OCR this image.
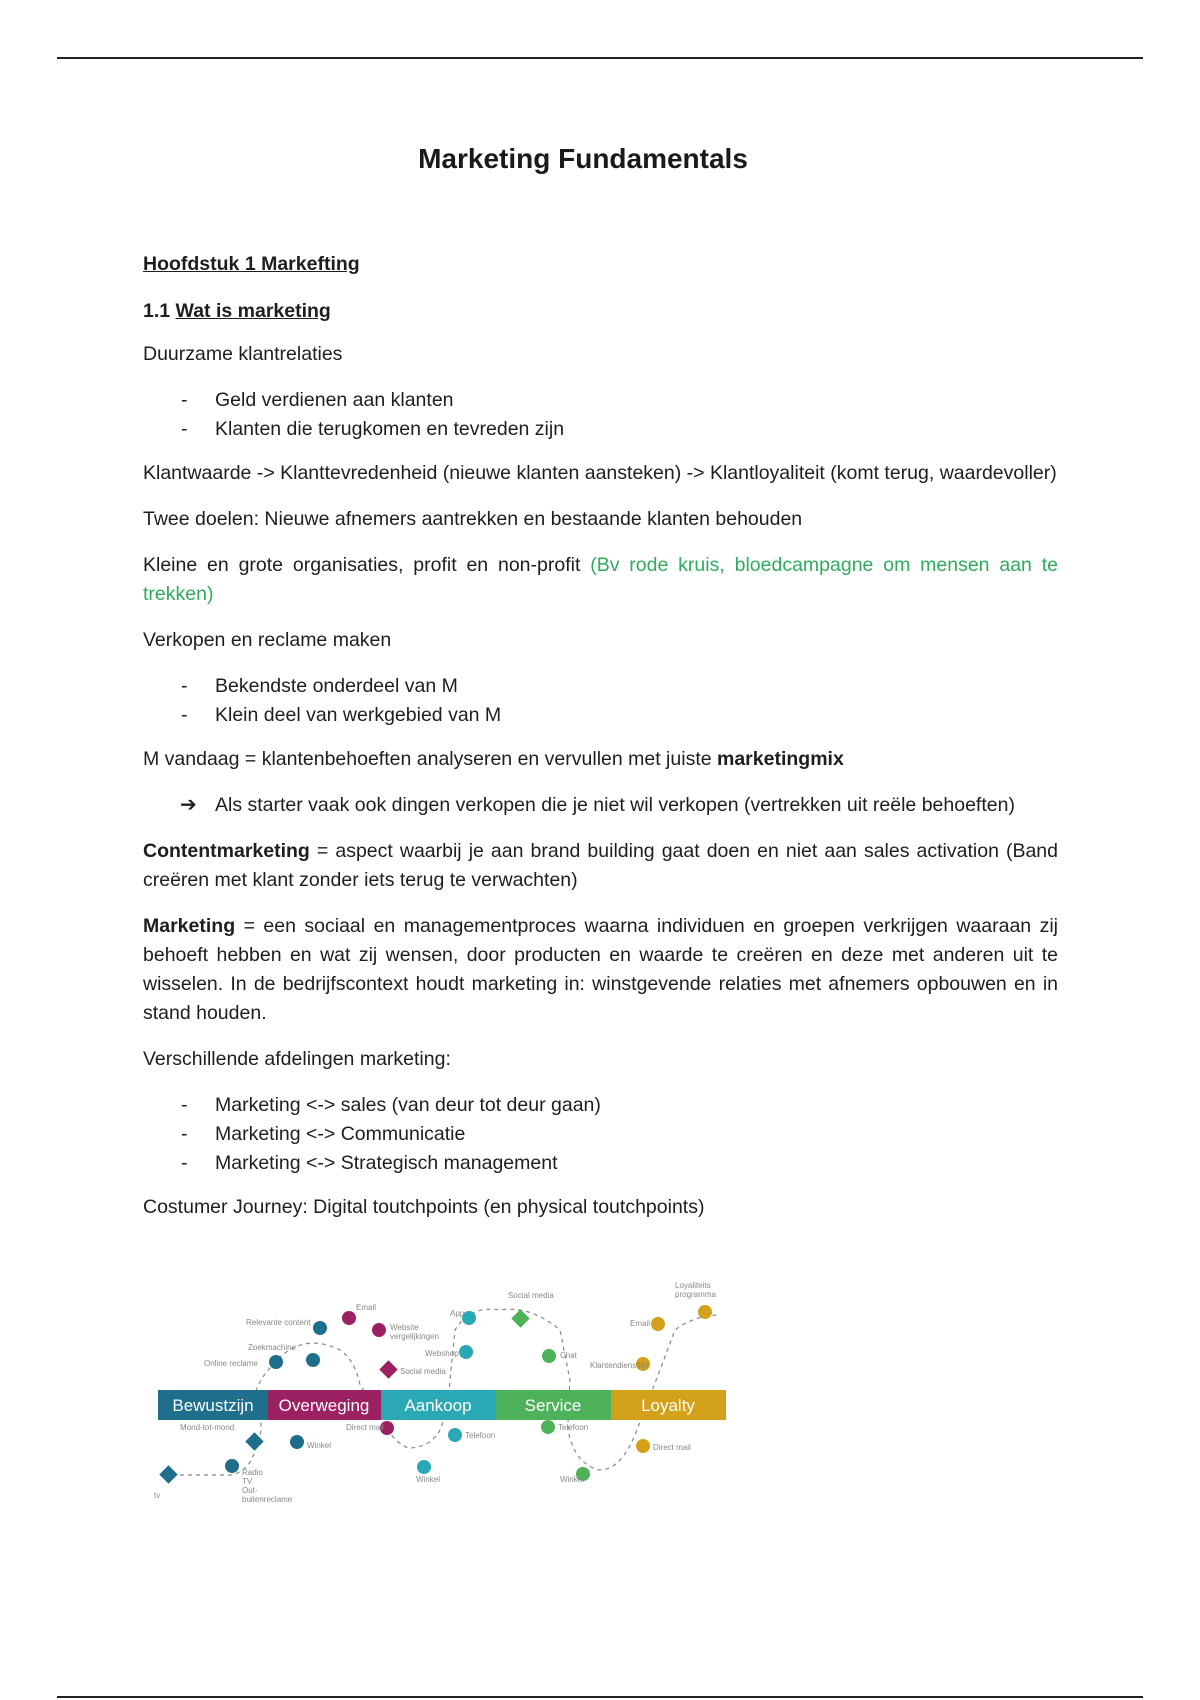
Marketing Fundamentals

Hoofdstuk 1 Markefting

1.1 Wat is marketing

Duurzame klantrelaties

- Geld verdienen aan klanten
- Klanten die terugkomen en tevreden zijn

Klantwaarde -> Klanttevredenheid (nieuwe klanten aansteken) -> Klantloyaliteit (komt terug, waardevoller)

Twee doelen: Nieuwe afnemers aantrekken en bestaande klanten behouden

Kleine en grote organisaties, profit en non-profit (Bv rode kruis, bloedcampagne om mensen aan te trekken)

Verkopen en reclame maken

- Bekendste onderdeel van M
- Klein deel van werkgebied van M

M vandaag = klantenbehoeften analyseren en vervullen met juiste marketingmix

➔ Als starter vaak ook dingen verkopen die je niet wil verkopen (vertrekken uit reële behoeften)

Contentmarketing = aspect waarbij je aan brand building gaat doen en niet aan sales activation (Band creëren met klant zonder iets terug te verwachten)

Marketing = een sociaal en managementproces waarna individuen en groepen verkrijgen waaraan zij behoeft hebben en wat zij wensen, door producten en waarde te creëren en deze met anderen uit te wisselen. In de bedrijfscontext houdt marketing in: winstgevende relaties met afnemers opbouwen en in stand houden.

Verschillende afdelingen marketing:

- Marketing <-> sales (van deur tot deur gaan)
- Marketing <-> Communicatie
- Marketing <-> Strategisch management

Costumer Journey: Digital toutchpoints (en physical toutchpoints)

Bewustzijn Overweging Aankoop	Service	Loyalty
tv
Radio TV Out-buitenreclame
Mond-tot-mond
Online reclame
Zoekmachine
Relevante content
Email
Website vergelijkingen
Winkel
Direct mail
Social media
Webshop
App
Winkel
Telefoon
Social media
Chat
Telefoon
Winkel
Email
Klantendienstlijn
Direct mail
Loyaliteits programma
